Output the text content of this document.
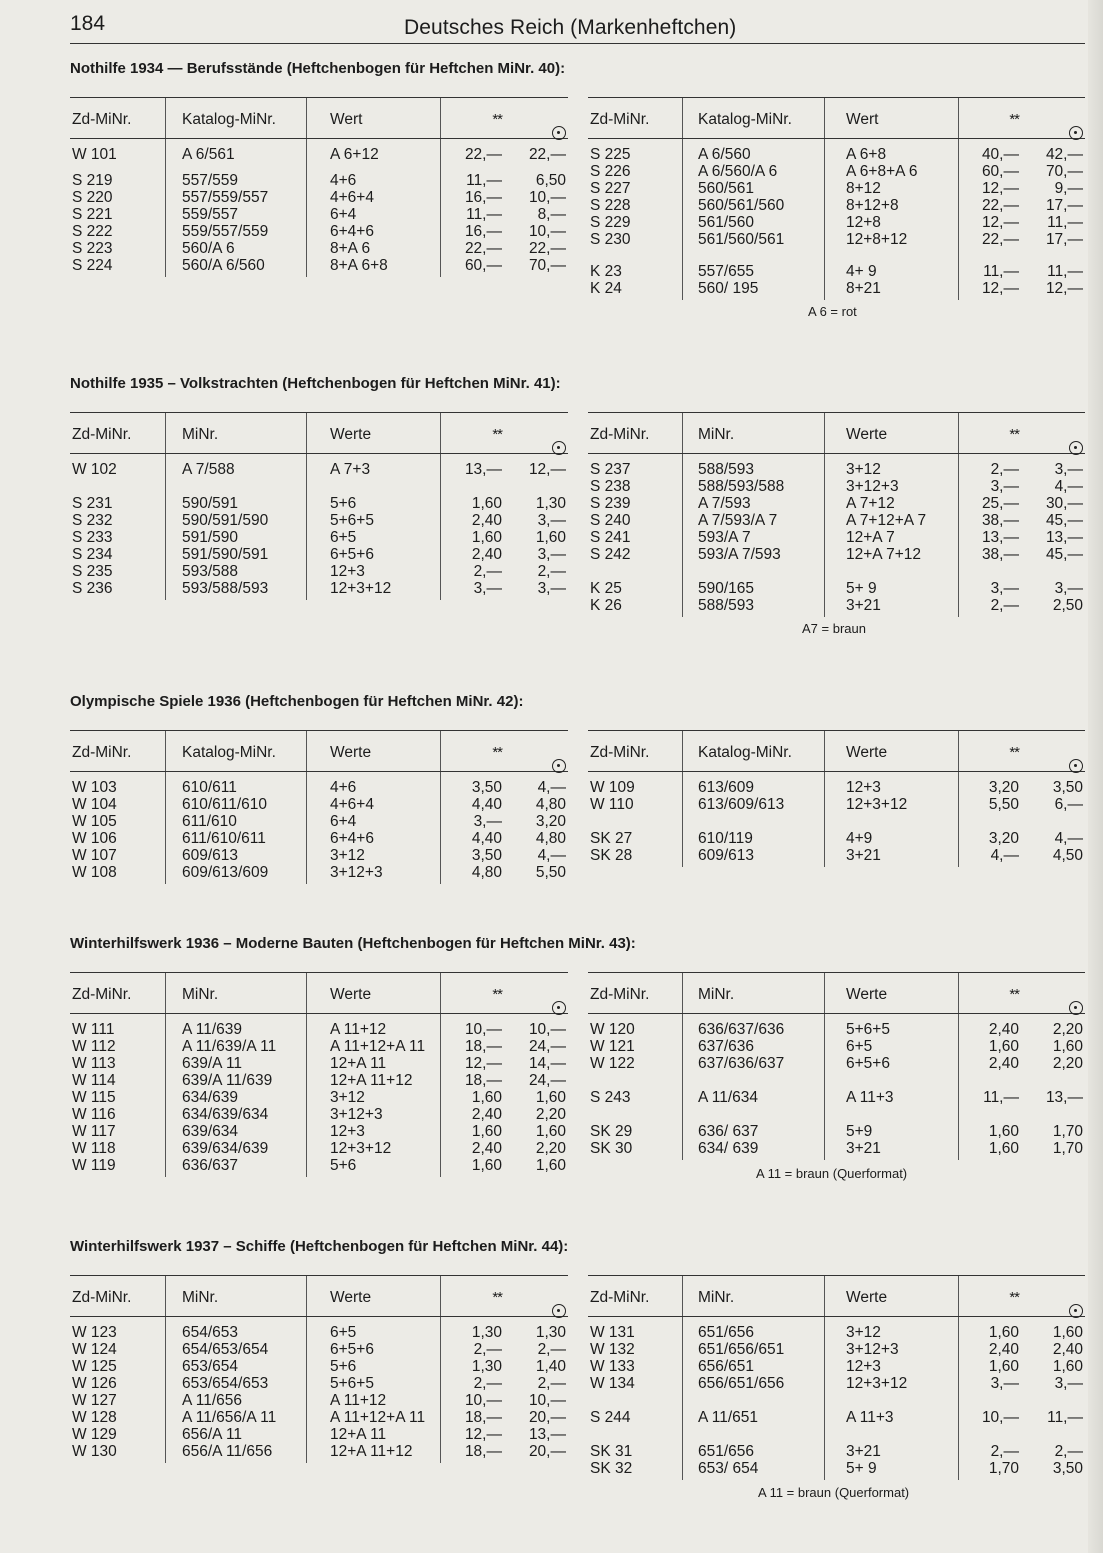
184	Deutsches Reich (Markenheftchen)
Nothilfe 1934 — Berufsstände (Heftchenbogen für Heftchen MiNr. 40):
Zd-MiNr.	Katalog-MiNr.	Wert	**
W 101	A 6/561	A 6+12	22,— 22,—
S 219	557/559	4+6	11,— 6,50
S 220	557/559/557	4+6+4	16,— 10,—
S 221	559/557	6+4	11,— 8,—
S 222	559/557/559	6+4+6	16,— 10,—
S 223	560/A 6	8+A 6	22,— 22,—
S 224	560/A 6/560	8+A 6+8	60,— 70,—
Zd-MiNr.	Katalog-MiNr.	Wert	**
S 225	A 6/560	A 6+8	40,— 42,—
S 226	A 6/560/A 6	A 6+8+A 6	60,— 70,—
S 227	560/561	8+12	12,— 9,—
S 228	560/561/560	8+12+8	22,— 17,—
S 229	561/560	12+8	12,— 11,—
S 230	561/560/561	12+8+12	22,— 17,—
K 23	557/655	4+ 9	11,— 11,—
K 24	560/ 195	8+21	12,— 12,—
A 6 = rot
Nothilfe 1935 – Volkstrachten (Heftchenbogen für Heftchen MiNr. 41):
Zd-MiNr.	MiNr.	Werte	**
W 102	A 7/588	A 7+3	13,— 12,—
S 231	590/591	5+6	1,60 1,30
S 232	590/591/590	5+6+5	2,40 3,—
S 233	591/590	6+5	1,60 1,60
S 234	591/590/591	6+5+6	2,40 3,—
S 235	593/588	12+3	2,— 2,—
S 236	593/588/593	12+3+12	3,— 3,—
Zd-MiNr.	MiNr.	Werte	**
S 237	588/593	3+12	2,— 3,—
S 238	588/593/588	3+12+3	3,— 4,—
S 239	A 7/593	A 7+12	25,— 30,—
S 240	A 7/593/A 7	A 7+12+A 7	38,— 45,—
S 241	593/A 7	12+A 7	13,— 13,—
S 242	593/A 7/593	12+A 7+12	38,— 45,—
K 25	590/165	5+ 9	3,— 3,—
K 26	588/593	3+21	2,— 2,50
A7 = braun
Olympische Spiele 1936 (Heftchenbogen für Heftchen MiNr. 42):
Zd-MiNr.	Katalog-MiNr.	Werte	**
W 103	610/611	4+6	3,50 4,—
W 104	610/611/610	4+6+4	4,40 4,80
W 105	611/610	6+4	3,— 3,20
W 106	611/610/611	6+4+6	4,40 4,80
W 107	609/613	3+12	3,50 4,—
W 108	609/613/609	3+12+3	4,80 5,50
Zd-MiNr.	Katalog-MiNr.	Werte	**
W 109	613/609	12+3	3,20 3,50
W 110	613/609/613	12+3+12	5,50 6,—
SK 27	610/119	4+9	3,20 4,—
SK 28	609/613	3+21	4,— 4,50
Winterhilfswerk 1936 – Moderne Bauten (Heftchenbogen für Heftchen MiNr. 43):
Zd-MiNr.	MiNr.	Werte	**
W 111	A 11/639	A 11+12	10,— 10,—
W 112	A 11/639/A 11	A 11+12+A 11	18,— 24,—
W 113	639/A 11	12+A 11	12,— 14,—
W 114	639/A 11/639	12+A 11+12	18,— 24,—
W 115	634/639	3+12	1,60 1,60
W 116	634/639/634	3+12+3	2,40 2,20
W 117	639/634	12+3	1,60 1,60
W 118	639/634/639	12+3+12	2,40 2,20
W 119	636/637	5+6	1,60 1,60
Zd-MiNr.	MiNr.	Werte	**
W 120	636/637/636	5+6+5	2,40 2,20
W 121	637/636	6+5	1,60 1,60
W 122	637/636/637	6+5+6	2,40 2,20
S 243	A 11/634	A 11+3	11,— 13,—
SK 29	636/ 637	5+9	1,60 1,70
SK 30	634/ 639	3+21	1,60 1,70
A 11 = braun (Querformat)
Winterhilfswerk 1937 – Schiffe (Heftchenbogen für Heftchen MiNr. 44):
Zd-MiNr.	MiNr.	Werte	**
W 123	654/653	6+5	1,30 1,30
W 124	654/653/654	6+5+6	2,— 2,—
W 125	653/654	5+6	1,30 1,40
W 126	653/654/653	5+6+5	2,— 2,—
W 127	A 11/656	A 11+12	10,— 10,—
W 128	A 11/656/A 11	A 11+12+A 11	18,— 20,—
W 129	656/A 11	12+A 11	12,— 13,—
W 130	656/A 11/656	12+A 11+12	18,— 20,—
Zd-MiNr.	MiNr.	Werte	**
W 131	651/656	3+12	1,60 1,60
W 132	651/656/651	3+12+3	2,40 2,40
W 133	656/651	12+3	1,60 1,60
W 134	656/651/656	12+3+12	3,— 3,—
S 244	A 11/651	A 11+3	10,— 11,—
SK 31	651/656	3+21	2,— 2,—
SK 32	653/ 654	5+ 9	1,70 3,50
A 11 = braun (Querformat)
